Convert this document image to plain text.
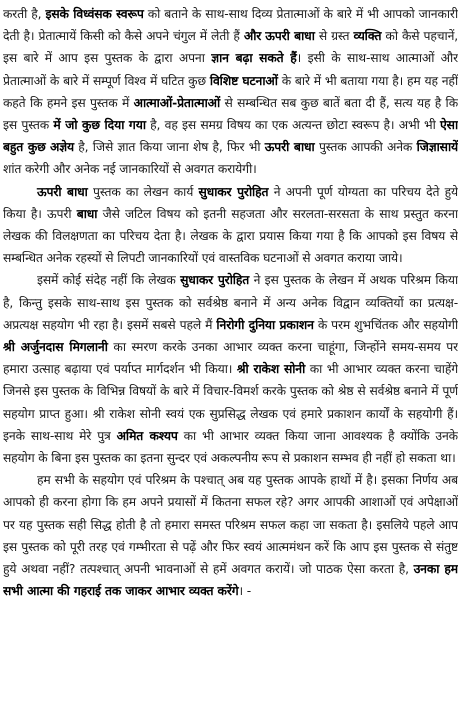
करती है, इसके विध्वंसक स्वरूप को बताने के साथ-साथ दिव्य प्रेतात्माओं के बारे में भी आपको जानकारी देती है। प्रेतात्मायें किसी को कैसे अपने चंगुल में लेती हैं और ऊपरी बाधा से ग्रस्त व्यक्ति को कैसे पहचानें, इस बारे में आप इस पुस्तक के द्वारा अपना ज्ञान बढ़ा सकते हैं। इसी के साथ-साथ आत्माओं और प्रेतात्माओं के बारे में सम्पूर्ण विश्व में घटित कुछ विशिष्ट घटनाओं के बारे में भी बताया गया है। हम यह नहीं कहते कि हमने इस पुस्तक में आत्माओं-प्रेतात्माओं से सम्बन्धित सब कुछ बातें बता दी हैं, सत्य यह है कि इस पुस्तक में जो कुछ दिया गया है, वह इस समग्र विषय का एक अत्यन्त छोटा स्वरूप है। अभी भी ऐसा बहुत कुछ अज्ञेय है, जिसे ज्ञात किया जाना शेष है, फिर भी ऊपरी बाधा पुस्तक आपकी अनेक जिज्ञासायें शांत करेगी और अनेक नई जानकारियों से अवगत करायेगी।

ऊपरी बाधा पुस्तक का लेखन कार्य सुधाकर पुरोहित ने अपनी पूर्ण योग्यता का परिचय देते हुये किया है। ऊपरी बाधा जैसे जटिल विषय को इतनी सहजता और सरलता-सरसता के साथ प्रस्तुत करना लेखक की विलक्षणता का परिचय देता है। लेखक के द्वारा प्रयास किया गया है कि आपको इस विषय से सम्बन्धित अनेक रहस्यों से लिपटी जानकारियों एवं वास्तविक घटनाओं से अवगत कराया जाये।

इसमें कोई संदेह नहीं कि लेखक सुधाकर पुरोहित ने इस पुस्तक के लेखन में अथक परिश्रम किया है, किन्तु इसके साथ-साथ इस पुस्तक को सर्वश्रेष्ठ बनाने में अन्य अनेक विद्वान व्यक्तियों का प्रत्यक्ष-अप्रत्यक्ष सहयोग भी रहा है। इसमें सबसे पहले मैं निरोगी दुनिया प्रकाशन के परम शुभचिंतक और सहयोगी श्री अर्जुनदास मिगलानी का स्मरण करके उनका आभार व्यक्त करना चाहूंगा, जिन्होंने समय-समय पर हमारा उत्साह बढ़ाया एवं पर्याप्त मार्गदर्शन भी किया। श्री राकेश सोनी का भी आभार व्यक्त करना चाहेंगे जिनसे इस पुस्तक के विभिन्न विषयों के बारे में विचार-विमर्श करके पुस्तक को श्रेष्ठ से सर्वश्रेष्ठ बनाने में पूर्ण सहयोग प्राप्त हुआ। श्री राकेश सोनी स्वयं एक सुप्रसिद्ध लेखक एवं हमारे प्रकाशन कार्यों के सहयोगी हैं। इनके साथ-साथ मेरे पुत्र अमित कश्यप का भी आभार व्यक्त किया जाना आवश्यक है क्योंकि उनके सहयोग के बिना इस पुस्तक का इतना सुन्दर एवं अकल्पनीय रूप से प्रकाशन सम्भव ही नहीं हो सकता था।

हम सभी के सहयोग एवं परिश्रम के पश्चात् अब यह पुस्तक आपके हाथों में है। इसका निर्णय अब आपको ही करना होगा कि हम अपने प्रयासों में कितना सफल रहे? अगर आपकी आशाओं एवं अपेक्षाओं पर यह पुस्तक सही सिद्ध होती है तो हमारा समस्त परिश्रम सफल कहा जा सकता है। इसलिये पहले आप इस पुस्तक को पूरी तरह एवं गम्भीरता से पढ़ें और फिर स्वयं आत्ममंथन करें कि आप इस पुस्तक से संतुष्ट हुये अथवा नहीं? तत्पश्चात् अपनी भावनाओं से हमें अवगत करायें। जो पाठक ऐसा करता है, उनका हम सभी आत्मा की गहराई तक जाकर आभार व्यक्त करेंगे। -
